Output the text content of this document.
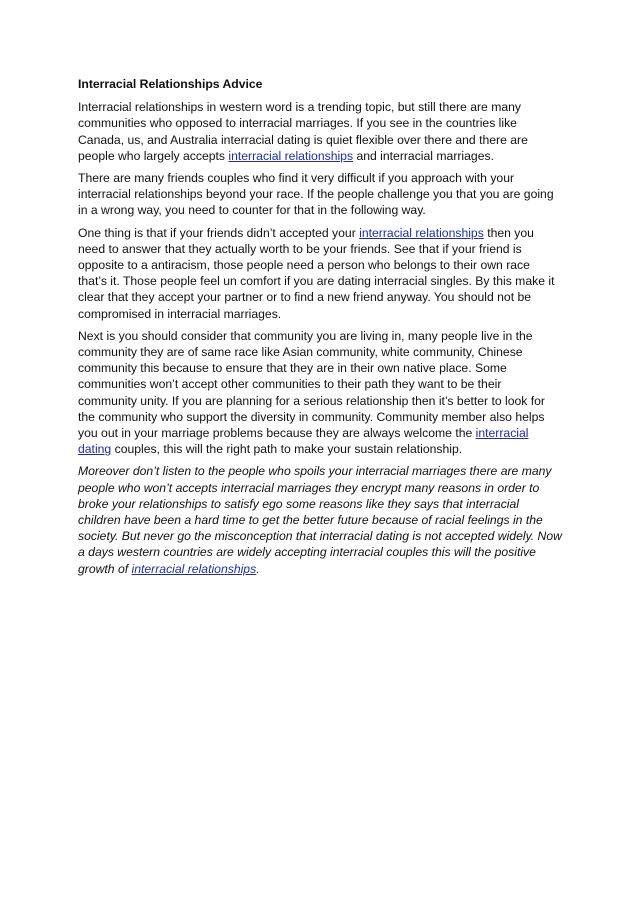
Interracial Relationships Advice

Interracial relationships in western word is a trending topic, but still there are many communities who opposed to interracial marriages. If you see in the countries like Canada, us, and Australia interracial dating is quiet flexible over there and there are people who largely accepts interracial relationships and interracial marriages.

There are many friends couples who find it very difficult if you approach with your interracial relationships beyond your race. If the people challenge you that you are going in a wrong way, you need to counter for that in the following way.

One thing is that if your friends didn’t accepted your interracial relationships then you need to answer that they actually worth to be your friends. See that if your friend is opposite to a antiracism, those people need a person who belongs to their own race that’s it. Those people feel un comfort if you are dating interracial singles. By this make it clear that they accept your partner or to find a new friend anyway. You should not be compromised in interracial marriages.

Next is you should consider that community you are living in, many people live in the community they are of same race like Asian community, white community, Chinese community this because to ensure that they are in their own native place. Some communities won’t accept other communities to their path they want to be their community unity. If you are planning for a serious relationship then it’s better to look for the community who support the diversity in community. Community member also helps you out in your marriage problems because they are always welcome the interracial dating couples, this will the right path to make your sustain relationship.

Moreover don’t listen to the people who spoils your interracial marriages there are many people who won’t accepts interracial marriages they encrypt many reasons in order to broke your relationships to satisfy ego some reasons like they says that interracial children have been a hard time to get the better future because of racial feelings in the society. But never go the misconception that interracial dating is not accepted widely. Now a days western countries are widely accepting interracial couples this will the positive growth of interracial relationships.
